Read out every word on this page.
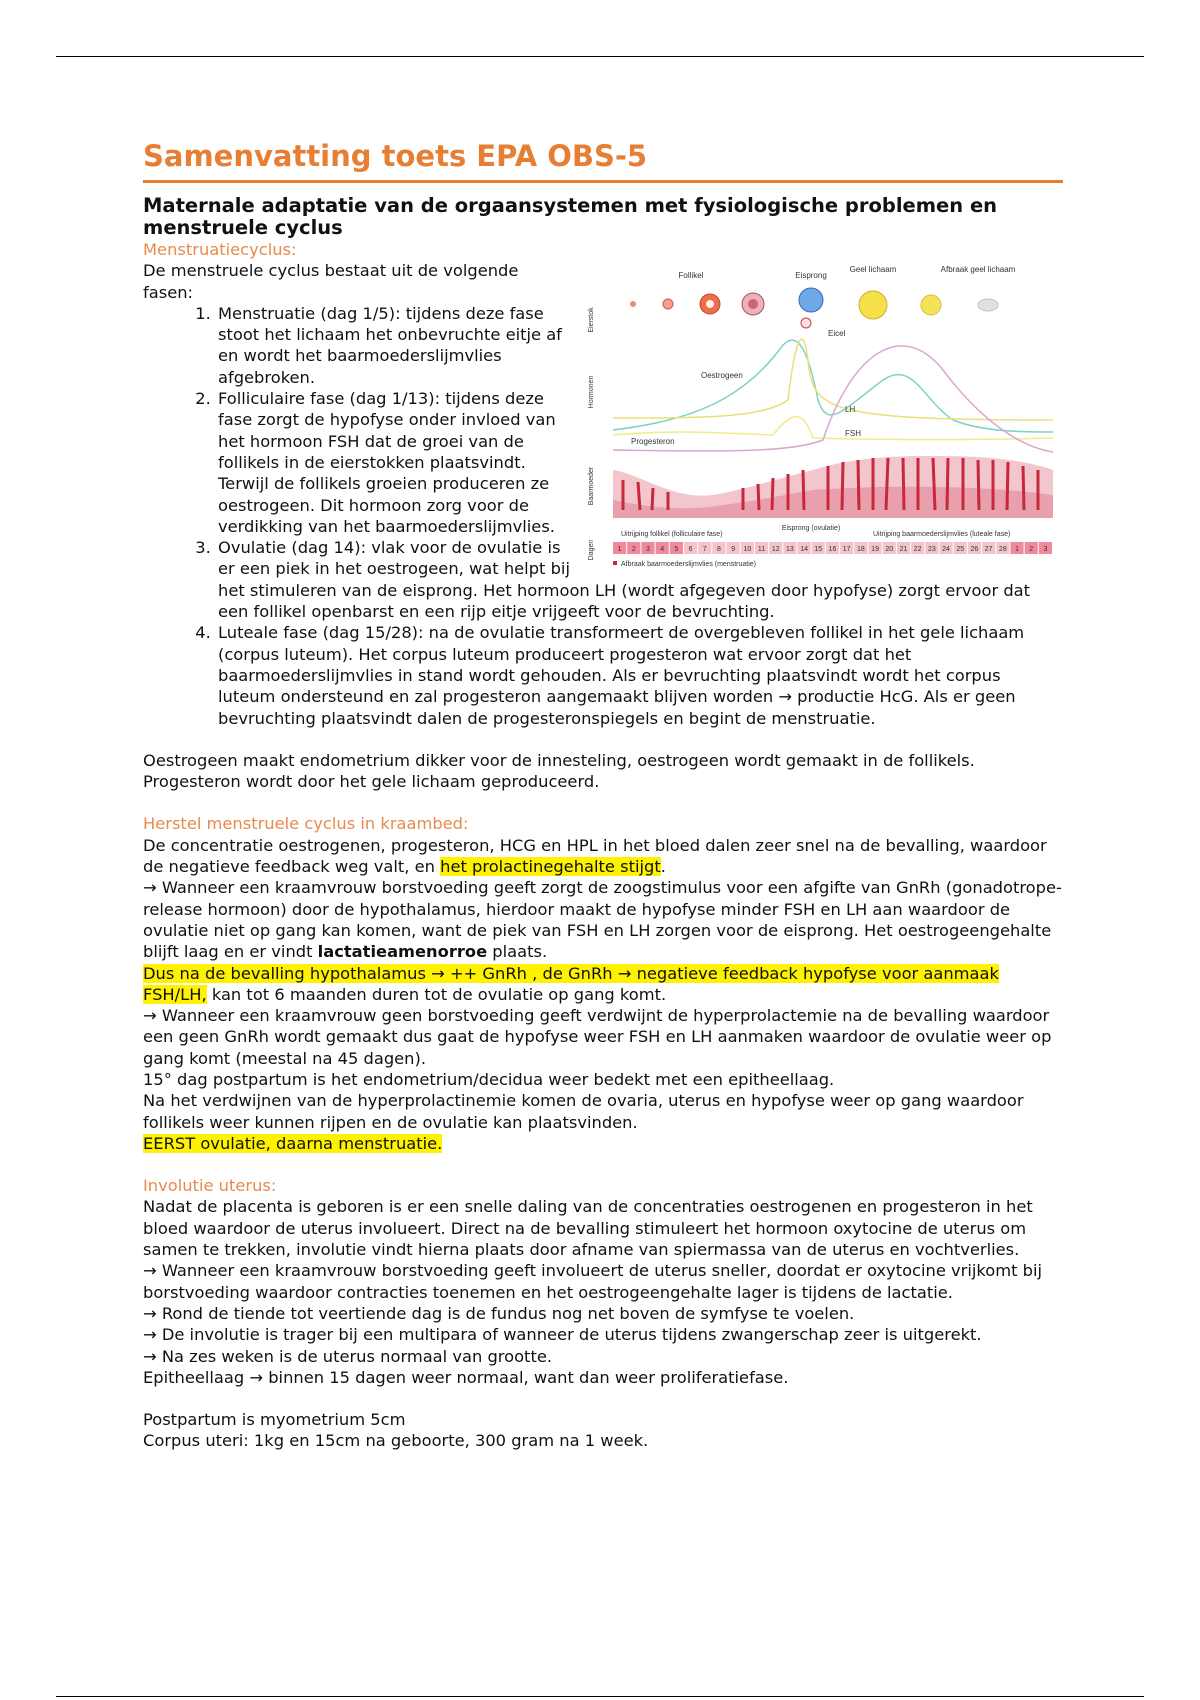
Samenvatting toets EPA OBS-5
Maternale adaptatie van de orgaansystemen met fysiologische problemen en menstruele cyclus

Menstruatiecyclus:

Eierstok
Hormonen
Baarmoeder
Dagen
Follikel	Eisprong
Geel lichaam	Afbraak geel lichaam
Eicel
Oestrogeen
LH
FSH
Progesteron
Uitrijping follikel (folliculaire fase)
Eisprong (ovulatie)
Uitrijping baarmoederslijmvlies (luteale fase)
1 2 3 4 5 6 7 8 9 10 11 12 13 14 15 16 17 18 19 20 21 22 23 24 25 26 27 28 1 2 3
Afbraak baarmoederslijmvlies (menstruatie)

De menstruele cyclus bestaat uit de volgende fasen:

1. Menstruatie (dag 1/5): tijdens deze fase stoot het lichaam het onbevruchte eitje af en wordt het baarmoederslijmvlies afgebroken.
2. Folliculaire fase (dag 1/13): tijdens deze fase zorgt de hypofyse onder invloed van het hormoon FSH dat de groei van de follikels in de eierstokken plaatsvindt. Terwijl de follikels groeien produceren ze oestrogeen. Dit hormoon zorg voor de verdikking van het baarmoederslijmvlies.
3. Ovulatie (dag 14): vlak voor de ovulatie is er een piek in het oestrogeen, wat helpt bij het stimuleren van de eisprong. Het hormoon LH (wordt afgegeven door hypofyse) zorgt ervoor dat een follikel openbarst en een rijp eitje vrijgeeft voor de bevruchting.
4. Luteale fase (dag 15/28): na de ovulatie transformeert de overgebleven follikel in het gele lichaam (corpus luteum). Het corpus luteum produceert progesteron wat ervoor zorgt dat het baarmoederslijmvlies in stand wordt gehouden. Als er bevruchting plaatsvindt wordt het corpus luteum ondersteund en zal progesteron aangemaakt blijven worden → productie HcG. Als er geen bevruchting plaatsvindt dalen de progesteronspiegels en begint de menstruatie.

Oestrogeen maakt endometrium dikker voor de innesteling, oestrogeen wordt gemaakt in de follikels.

Progesteron wordt door het gele lichaam geproduceerd.

Herstel menstruele cyclus in kraambed:

De concentratie oestrogenen, progesteron, HCG en HPL in het bloed dalen zeer snel na de bevalling, waardoor de negatieve feedback weg valt, en het prolactinegehalte stijgt.

→ Wanneer een kraamvrouw borstvoeding geeft zorgt de zoogstimulus voor een afgifte van GnRh (gonadotrope-release hormoon) door de hypothalamus, hierdoor maakt de hypofyse minder FSH en LH aan waardoor de ovulatie niet op gang kan komen, want de piek van FSH en LH zorgen voor de eisprong. Het oestrogeengehalte blijft laag en er vindt lactatieamenorroe plaats.

Dus na de bevalling hypothalamus → ++ GnRh , de GnRh → negatieve feedback hypofyse voor aanmaak FSH/LH, kan tot 6 maanden duren tot de ovulatie op gang komt.

→ Wanneer een kraamvrouw geen borstvoeding geeft verdwijnt de hyperprolactemie na de bevalling waardoor een geen GnRh wordt gemaakt dus gaat de hypofyse weer FSH en LH aanmaken waardoor de ovulatie weer op gang komt (meestal na 45 dagen).

15° dag postpartum is het endometrium/decidua weer bedekt met een epitheellaag.

Na het verdwijnen van de hyperprolactinemie komen de ovaria, uterus en hypofyse weer op gang waardoor follikels weer kunnen rijpen en de ovulatie kan plaatsvinden.

EERST ovulatie, daarna menstruatie.

Involutie uterus:

Nadat de placenta is geboren is er een snelle daling van de concentraties oestrogenen en progesteron in het bloed waardoor de uterus involueert. Direct na de bevalling stimuleert het hormoon oxytocine de uterus om samen te trekken, involutie vindt hierna plaats door afname van spiermassa van de uterus en vochtverlies.

→ Wanneer een kraamvrouw borstvoeding geeft involueert de uterus sneller, doordat er oxytocine vrijkomt bij borstvoeding waardoor contracties toenemen en het oestrogeengehalte lager is tijdens de lactatie.

→ Rond de tiende tot veertiende dag is de fundus nog net boven de symfyse te voelen.

→ De involutie is trager bij een multipara of wanneer de uterus tijdens zwangerschap zeer is uitgerekt.

→ Na zes weken is de uterus normaal van grootte.

Epitheellaag → binnen 15 dagen weer normaal, want dan weer proliferatiefase.

Postpartum is myometrium 5cm

Corpus uteri: 1kg en 15cm na geboorte, 300 gram na 1 week.
